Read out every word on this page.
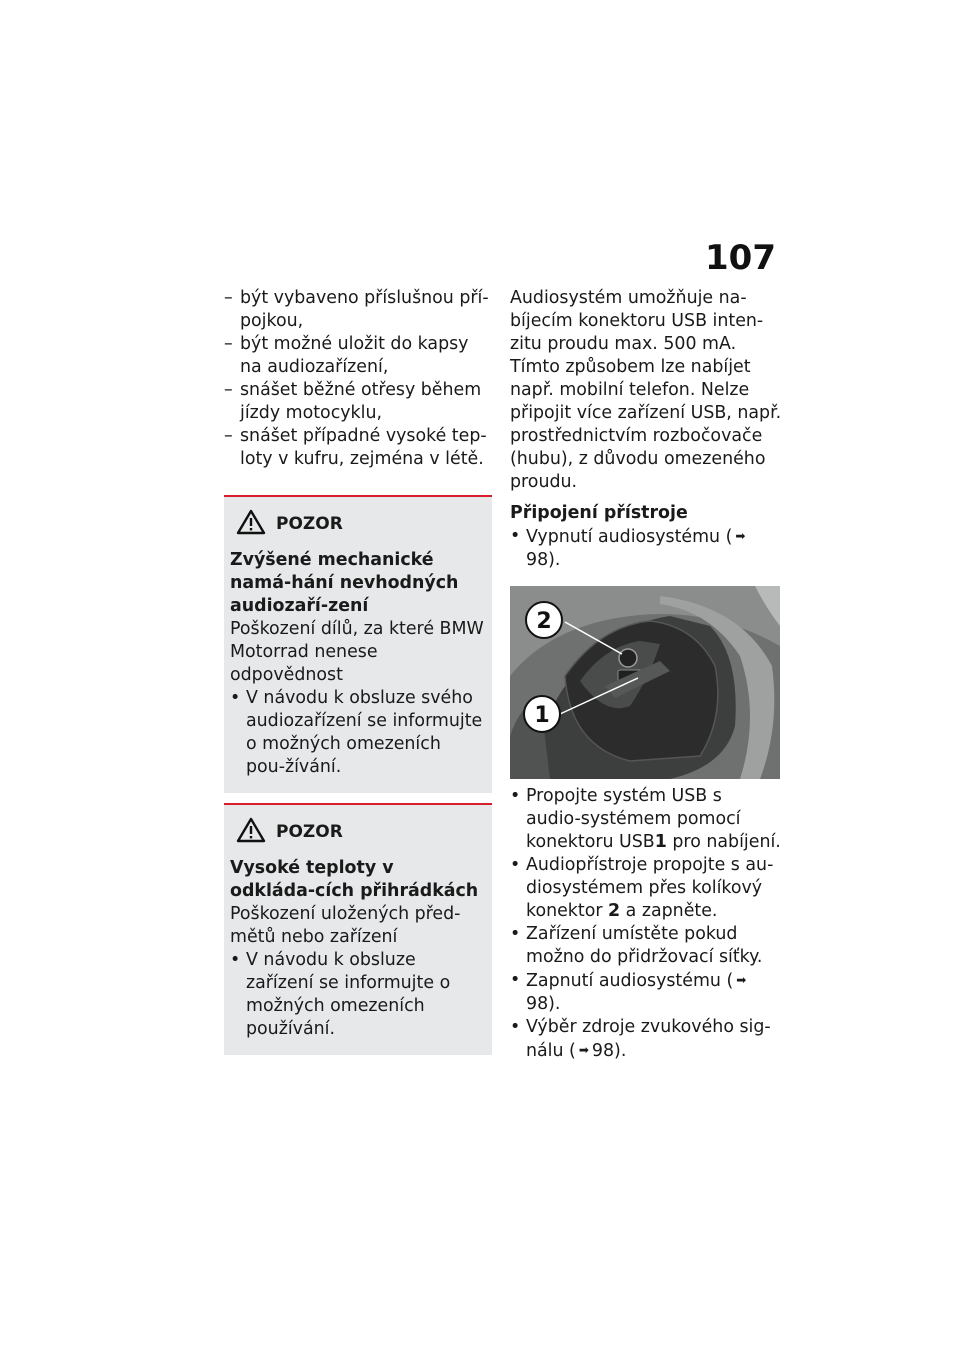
107
– být vybaveno příslušnou pří-pojkou,
– být možné uložit do kapsy na audiozařízení,
– snášet běžné otřesy během jízdy motocyklu,
– snášet případné vysoké tep-loty v kufru, zejména v létě.
POZOR
Zvýšené mechanické namá-hání nevhodných audiozaří-zení
Poškození dílů, za které BMW Motorrad nenese odpovědnost
• V návodu k obsluze svého audiozařízení se informujte o možných omezeních pou-žívání.
POZOR
Vysoké teploty v odkláda-cích přihrádkách
Poškození uložených před-mětů nebo zařízení
• V návodu k obsluze zařízení se informujte o možných omezeních používání.
Audiosystém umožňuje na-bíjecím konektoru USB inten-zitu proudu max. 500 mA. Tímto způsobem lze nabíjet např. mobilní telefon. Nelze připojit více zařízení USB, např. prostřednictvím rozbočovače (hubu), z důvodu omezeného proudu.
Připojení přístroje
• Vypnutí audiosystému ( ➡98).
2
1
• Propojte systém USB s audio-systémem pomocí konektoru USB1 pro nabíjení.
• Audiopřístroje propojte s au-diosystémem přes kolíkový konektor 2 a zapněte.
• Zařízení umístěte pokud možno do přidržovací síťky.
• Zapnutí audiosystému ( ➡98).
• Výběr zdroje zvukového sig-nálu ( ➡ 98).
